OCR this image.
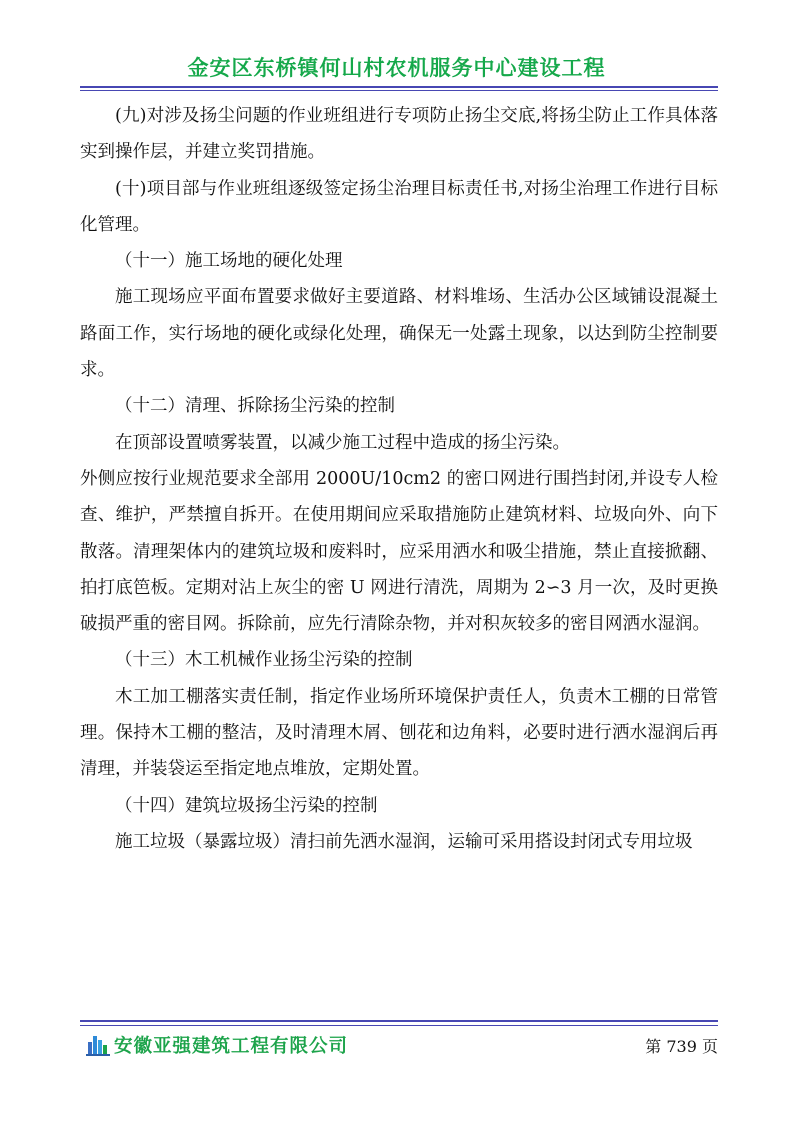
金安区东桥镇何山村农机服务中心建设工程

(九)对涉及扬尘问题的作业班组进行专项防止扬尘交底,将扬尘防止工作具体落实到操作层，并建立奖罚措施。

(十)项目部与作业班组逐级签定扬尘治理目标责任书,对扬尘治理工作进行目标化管理。

（十一）施工场地的硬化处理

施工现场应平面布置要求做好主要道路、材料堆场、生活办公区域铺设混凝土路面工作，实行场地的硬化或绿化处理，确保无一处露土现象，以达到防尘控制要求。

（十二）清理、拆除扬尘污染的控制

在顶部设置喷雾装置，以减少施工过程中造成的扬尘污染。

外侧应按行业规范要求全部用 2000U/10cm2 的密口网进行围挡封闭,并设专人检查、维护，严禁擅自拆开。在使用期间应采取措施防止建筑材料、垃圾向外、向下散落。清理架体内的建筑垃圾和废料时，应采用洒水和吸尘措施，禁止直接掀翻、拍打底笆板。定期对沾上灰尘的密 U 网进行清洗，周期为 2∽3 月一次，及时更换破损严重的密目网。拆除前，应先行清除杂物，并对积灰较多的密目网洒水湿润。

（十三）木工机械作业扬尘污染的控制

木工加工棚落实责任制，指定作业场所环境保护责任人，负责木工棚的日常管理。保持木工棚的整洁，及时清理木屑、刨花和边角料，必要时进行洒水湿润后再清理，并装袋运至指定地点堆放，定期处置。

（十四）建筑垃圾扬尘污染的控制

施工垃圾（暴露垃圾）清扫前先洒水湿润，运输可采用搭设封闭式专用垃圾

安徽亚强建筑工程有限公司	第 739 页
